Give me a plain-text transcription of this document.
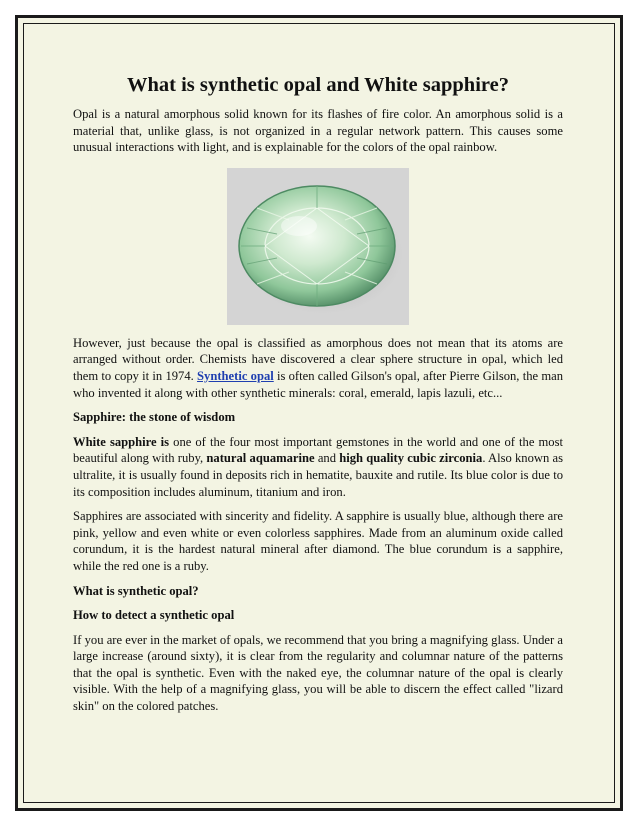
What is synthetic opal and White sapphire?

Opal is a natural amorphous solid known for its flashes of fire color. An amorphous solid is a material that, unlike glass, is not organized in a regular network pattern. This causes some unusual interactions with light, and is explainable for the colors of the opal rainbow.

However, just because the opal is classified as amorphous does not mean that its atoms are arranged without order. Chemists have discovered a clear sphere structure in opal, which led them to copy it in 1974. Synthetic opal is often called Gilson's opal, after Pierre Gilson, the man who invented it along with other synthetic minerals: coral, emerald, lapis lazuli, etc...

Sapphire: the stone of wisdom

White sapphire is one of the four most important gemstones in the world and one of the most beautiful along with ruby, natural aquamarine and high quality cubic zirconia. Also known as ultralite, it is usually found in deposits rich in hematite, bauxite and rutile. Its blue color is due to its composition includes aluminum, titanium and iron.

Sapphires are associated with sincerity and fidelity. A sapphire is usually blue, although there are pink, yellow and even white or even colorless sapphires. Made from an aluminum oxide called corundum, it is the hardest natural mineral after diamond. The blue corundum is a sapphire, while the red one is a ruby.

What is synthetic opal?

How to detect a synthetic opal

If you are ever in the market of opals, we recommend that you bring a magnifying glass. Under a large increase (around sixty), it is clear from the regularity and columnar nature of the patterns that the opal is synthetic. Even with the naked eye, the columnar nature of the opal is clearly visible. With the help of a magnifying glass, you will be able to discern the effect called "lizard skin" on the colored patches.
